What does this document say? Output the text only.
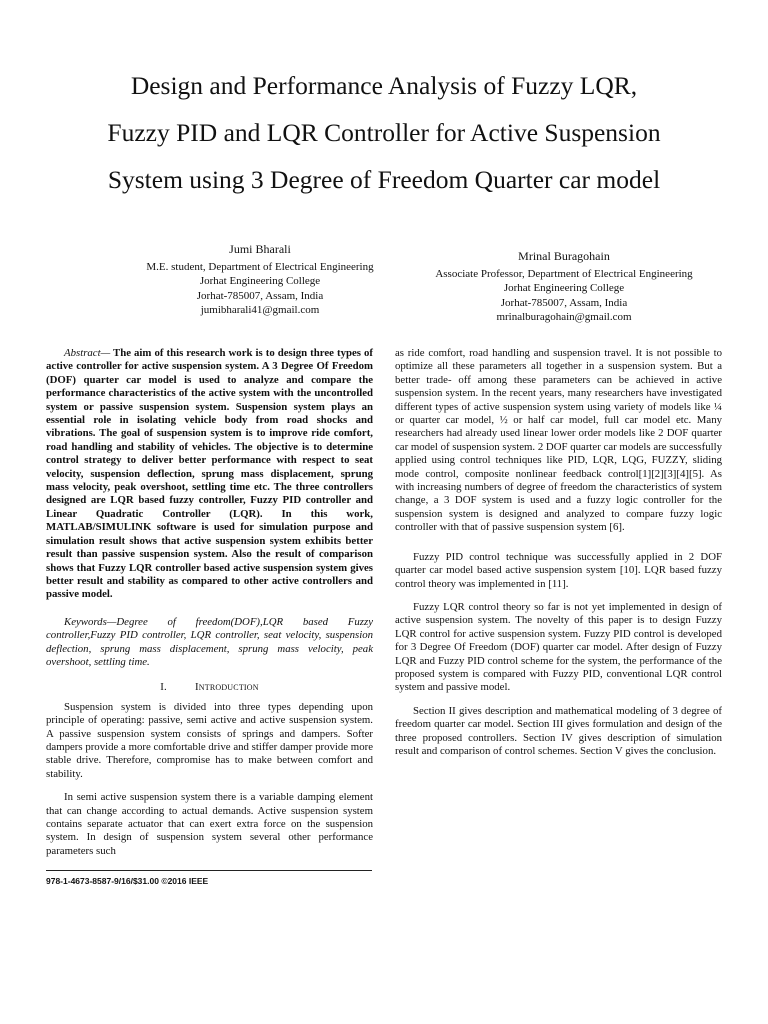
Design and Performance Analysis of Fuzzy LQR,
Fuzzy PID and LQR Controller for Active Suspension
System using 3 Degree of Freedom Quarter car model
Jumi Bharali
M.E. student, Department of Electrical Engineering
Jorhat Engineering College
Jorhat-785007, Assam, India
jumibharali41@gmail.com
Mrinal Buragohain
Associate Professor, Department of Electrical Engineering
Jorhat Engineering College
Jorhat-785007, Assam, India
mrinalburagohain@gmail.com

Abstract— The aim of this research work is to design three types of active controller for active suspension system. A 3 Degree Of Freedom (DOF) quarter car model is used to analyze and compare the performance characteristics of the active system with the uncontrolled system or passive suspension system. Suspension system plays an essential role in isolating vehicle body from road shocks and vibrations. The goal of suspension system is to improve ride comfort, road handling and stability of vehicles. The objective is to determine control strategy to deliver better performance with respect to seat velocity, suspension deflection, sprung mass displacement, sprung mass velocity, peak overshoot, settling time etc. The three controllers designed are LQR based fuzzy controller, Fuzzy PID controller and Linear Quadratic Controller (LQR). In this work, MATLAB/SIMULINK software is used for simulation purpose and simulation result shows that active suspension system exhibits better result than passive suspension system. Also the result of comparison shows that Fuzzy LQR controller based active suspension system gives better result and stability as compared to other active controllers and passive model.

Keywords—Degree of freedom(DOF),LQR based Fuzzy controller,Fuzzy PID controller, LQR controller, seat velocity, suspension deflection, sprung mass displacement, sprung mass velocity, peak overshoot, settling time.

I.	Introduction

Suspension system is divided into three types depending upon principle of operating: passive, semi active and active suspension system. A passive suspension system consists of springs and dampers. Softer dampers provide a more comfortable drive and stiffer damper provide more stable drive. Therefore, compromise has to make between comfort and stability.

In semi active suspension system there is a variable damping element that can change according to actual demands. Active suspension system contains separate actuator that can exert extra force on the suspension system. In design of suspension system several other performance parameters such

as ride comfort, road handling and suspension travel. It is not possible to optimize all these parameters all together in a suspension system. But a better trade- off among these parameters can be achieved in active suspension system. In the recent years, many researchers have investigated different types of active suspension system using variety of models like ¼ or quarter car model, ½ or half car model, full car model etc. Many researchers had already used linear lower order models like 2 DOF quarter car model of suspension system. 2 DOF quarter car models are successfully applied using control techniques like PID, LQR, LQG, FUZZY, sliding mode control, composite nonlinear feedback control[1][2][3][4][5]. As with increasing numbers of degree of freedom the characteristics of system change, a 3 DOF system is used and a fuzzy logic controller for the suspension system is designed and analyzed to compare fuzzy logic controller with that of passive suspension system [6].

Fuzzy PID control technique was successfully applied in 2 DOF quarter car model based active suspension system [10]. LQR based fuzzy control theory was implemented in [11].

Fuzzy LQR control theory so far is not yet implemented in design of active suspension system. The novelty of this paper is to design Fuzzy LQR control for active suspension system. Fuzzy PID control is developed for 3 Degree Of Freedom (DOF) quarter car model. After design of Fuzzy LQR and Fuzzy PID control scheme for the system, the performance of the proposed system is compared with Fuzzy PID, conventional LQR control system and passive model.

Section II gives description and mathematical modeling of 3 degree of freedom quarter car model. Section III gives formulation and design of the three proposed controllers. Section IV gives description of simulation result and comparison of control schemes. Section V gives the conclusion.

978-1-4673-8587-9/16/$31.00 ©2016 IEEE
